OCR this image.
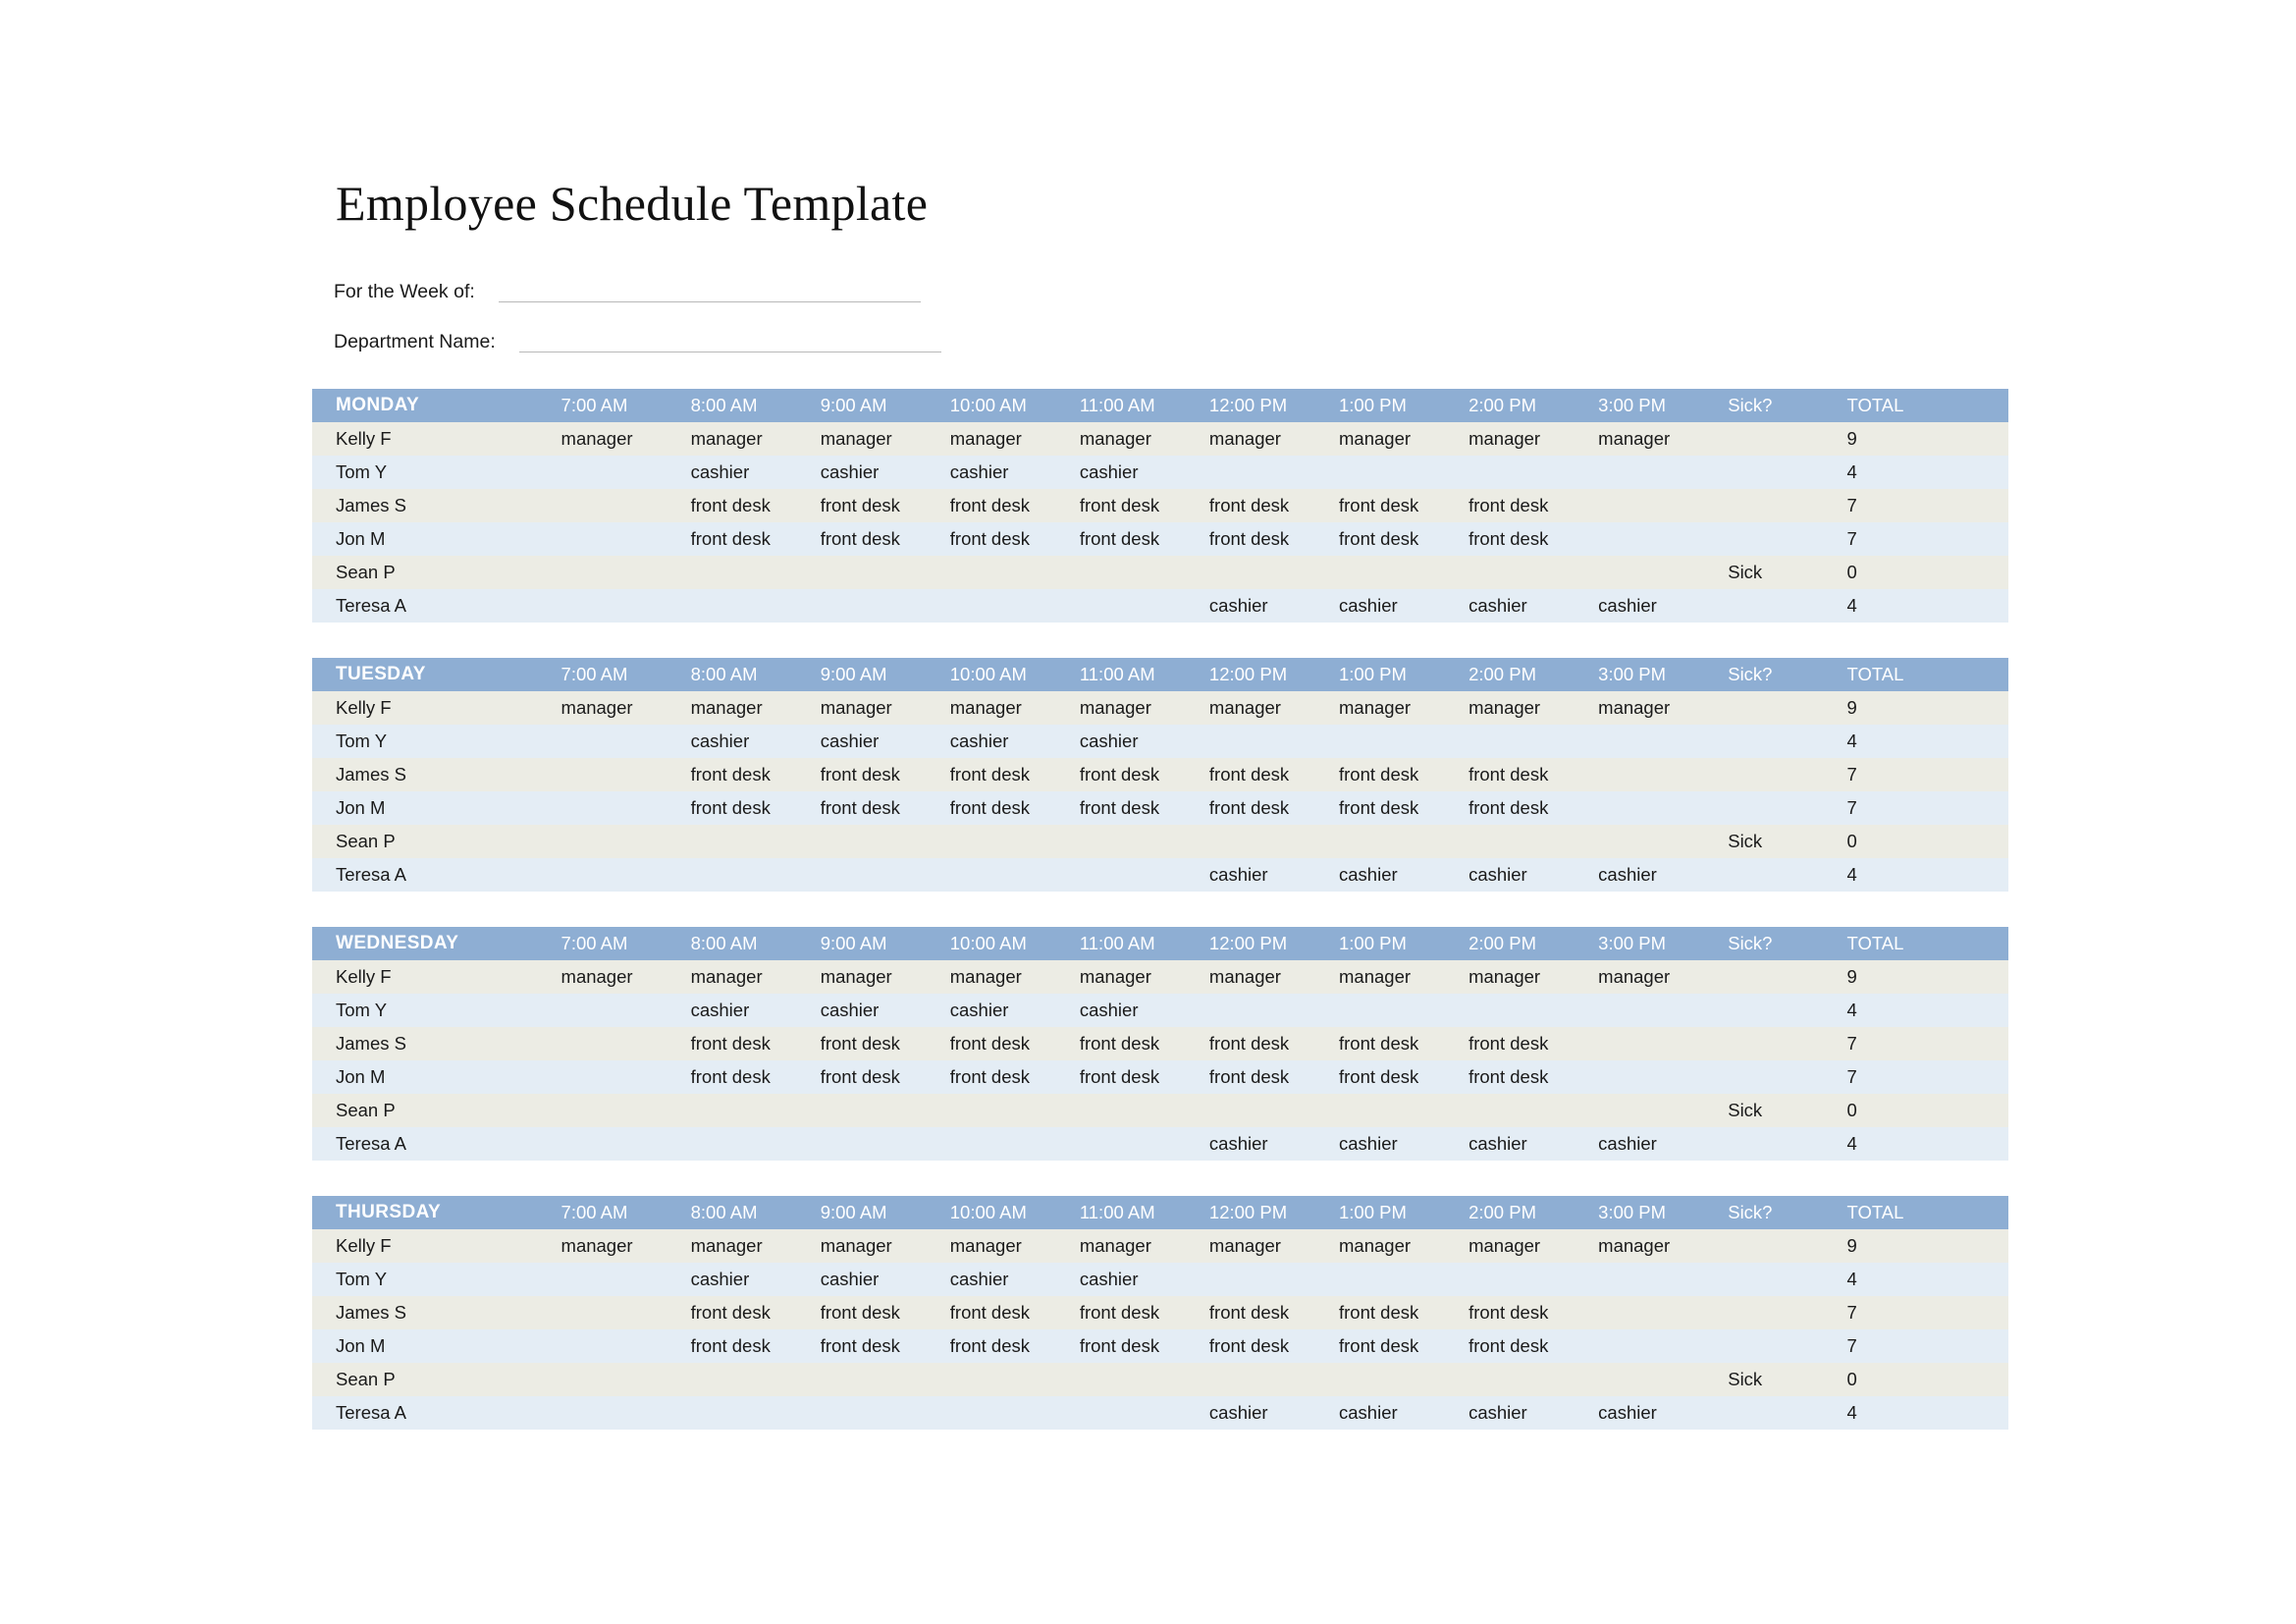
Employee Schedule Template
For the Week of:
Department Name:
MONDAY	7:00 AM	8:00 AM	9:00 AM	10:00 AM	11:00 AM	12:00 PM	1:00 PM	2:00 PM	3:00 PM	Sick?	TOTAL
Kelly F	manager	manager	manager	manager	manager	manager	manager	manager	manager		9
Tom Y		cashier	cashier	cashier	cashier						4
James S		front desk	front desk	front desk	front desk	front desk	front desk	front desk			7
Jon M		front desk	front desk	front desk	front desk	front desk	front desk	front desk			7
Sean P										Sick	0
Teresa A						cashier	cashier	cashier	cashier		4
TUESDAY	7:00 AM	8:00 AM	9:00 AM	10:00 AM	11:00 AM	12:00 PM	1:00 PM	2:00 PM	3:00 PM	Sick?	TOTAL
Kelly F	manager	manager	manager	manager	manager	manager	manager	manager	manager		9
Tom Y		cashier	cashier	cashier	cashier						4
James S		front desk	front desk	front desk	front desk	front desk	front desk	front desk			7
Jon M		front desk	front desk	front desk	front desk	front desk	front desk	front desk			7
Sean P										Sick	0
Teresa A						cashier	cashier	cashier	cashier		4
WEDNESDAY	7:00 AM	8:00 AM	9:00 AM	10:00 AM	11:00 AM	12:00 PM	1:00 PM	2:00 PM	3:00 PM	Sick?	TOTAL
Kelly F	manager	manager	manager	manager	manager	manager	manager	manager	manager		9
Tom Y		cashier	cashier	cashier	cashier						4
James S		front desk	front desk	front desk	front desk	front desk	front desk	front desk			7
Jon M		front desk	front desk	front desk	front desk	front desk	front desk	front desk			7
Sean P										Sick	0
Teresa A						cashier	cashier	cashier	cashier		4
THURSDAY	7:00 AM	8:00 AM	9:00 AM	10:00 AM	11:00 AM	12:00 PM	1:00 PM	2:00 PM	3:00 PM	Sick?	TOTAL
Kelly F	manager	manager	manager	manager	manager	manager	manager	manager	manager		9
Tom Y		cashier	cashier	cashier	cashier						4
James S		front desk	front desk	front desk	front desk	front desk	front desk	front desk			7
Jon M		front desk	front desk	front desk	front desk	front desk	front desk	front desk			7
Sean P										Sick	0
Teresa A						cashier	cashier	cashier	cashier		4
